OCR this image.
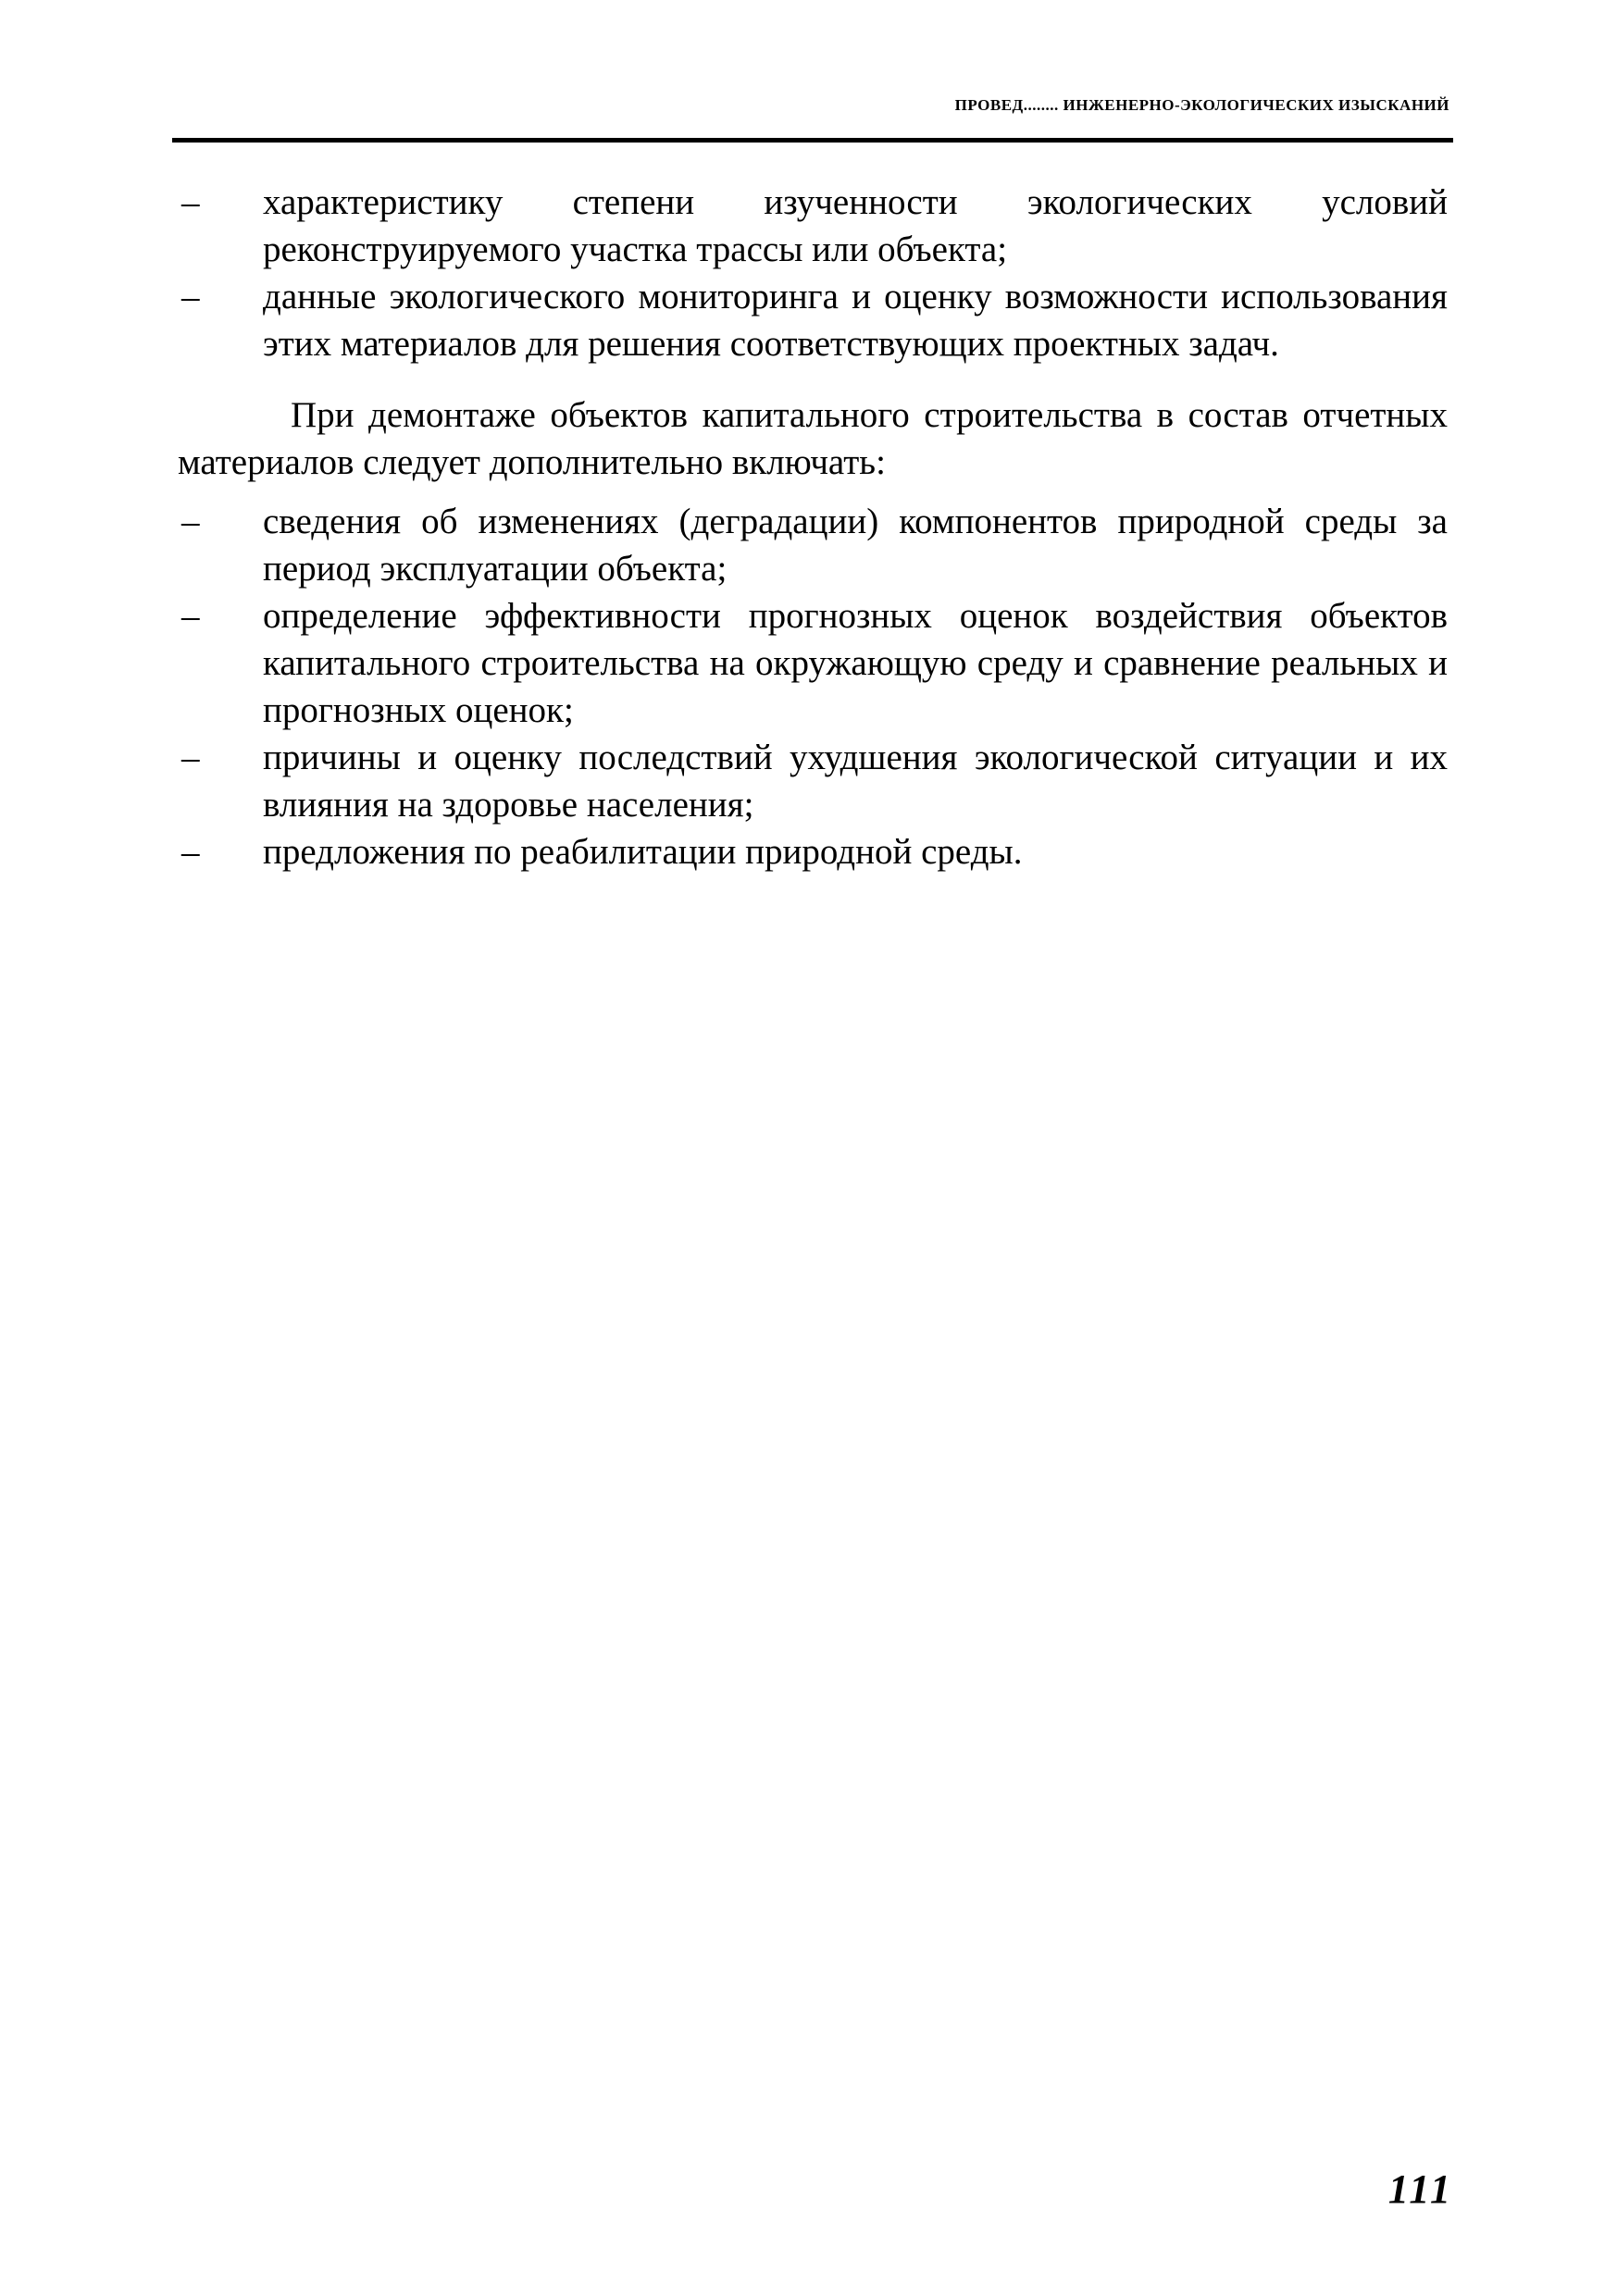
ПРОВЕД........ ИНЖЕНЕРНО-ЭКОЛОГИЧЕСКИХ ИЗЫСКАНИЙ
– характеристику степени изученности экологических условий реконструируемого участка трассы или объекта;
– данные экологического мониторинга и оценку возможности использования этих материалов для решения соответствующих проектных задач.

При демонтаже объектов капитального строительства в состав отчетных материалов следует дополнительно включать:

– сведения об изменениях (деградации) компонентов природной среды за период эксплуатации объекта;
– определение эффективности прогнозных оценок воздействия объектов капитального строительства на окружающую среду и сравнение реальных и прогнозных оценок;
– причины и оценку последствий ухудшения экологической ситуации и их влияния на здоровье населения;
– предложения по реабилитации природной среды.
111
